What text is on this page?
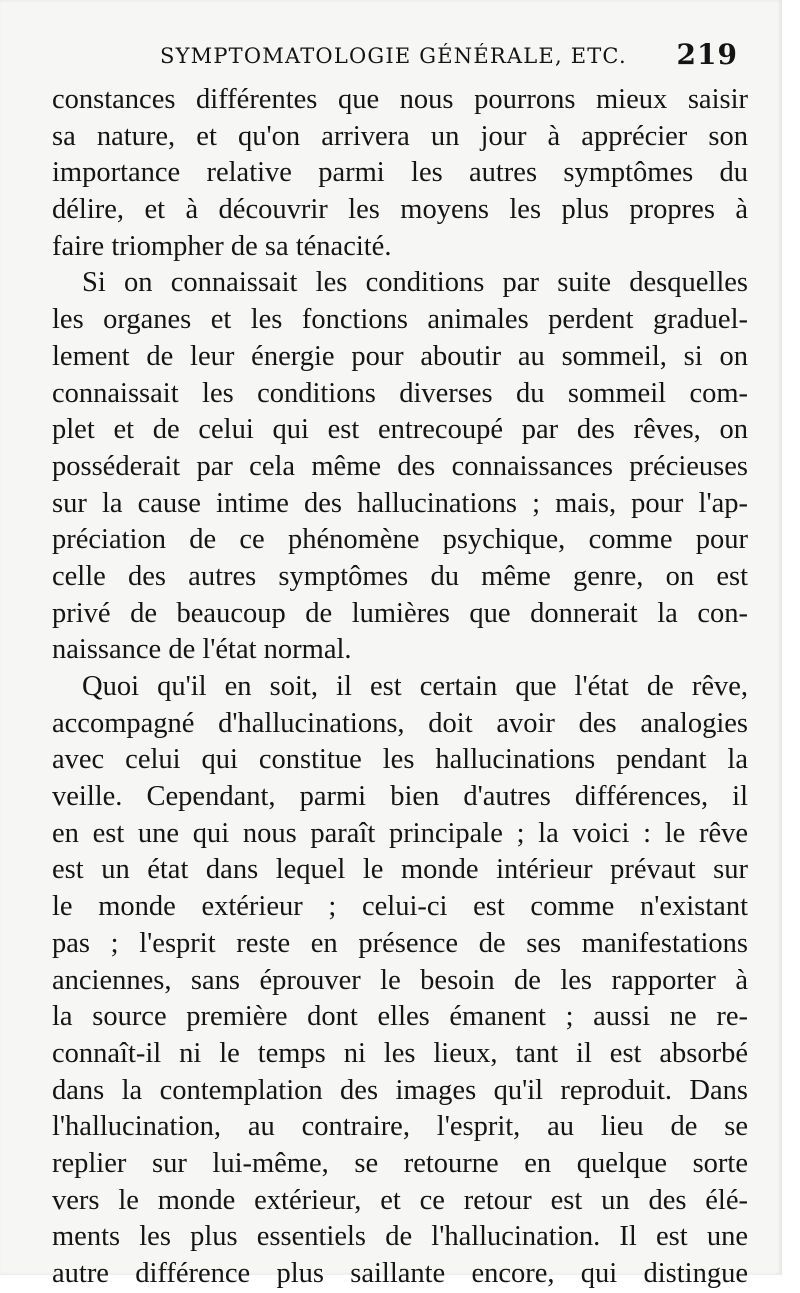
SYMPTOMATOLOGIE GÉNÉRALE, ETC. 219
constances différentes que nous pourrons mieux saisir
sa nature, et qu'on arrivera un jour à apprécier son
importance relative parmi les autres symptômes du
délire, et à découvrir les moyens les plus propres à
faire triompher de sa ténacité.
Si on connaissait les conditions par suite desquelles
les organes et les fonctions animales perdent graduel-
lement de leur énergie pour aboutir au sommeil, si on
connaissait les conditions diverses du sommeil com-
plet et de celui qui est entrecoupé par des rêves, on
posséderait par cela même des connaissances précieuses
sur la cause intime des hallucinations ; mais, pour l'ap-
préciation de ce phénomène psychique, comme pour
celle des autres symptômes du même genre, on est
privé de beaucoup de lumières que donnerait la con-
naissance de l'état normal.
Quoi qu'il en soit, il est certain que l'état de rêve,
accompagné d'hallucinations, doit avoir des analogies
avec celui qui constitue les hallucinations pendant la
veille. Cependant, parmi bien d'autres différences, il
en est une qui nous paraît principale ; la voici : le rêve
est un état dans lequel le monde intérieur prévaut sur
le monde extérieur ; celui-ci est comme n'existant
pas ; l'esprit reste en présence de ses manifestations
anciennes, sans éprouver le besoin de les rapporter à
la source première dont elles émanent ; aussi ne re-
connaît-il ni le temps ni les lieux, tant il est absorbé
dans la contemplation des images qu'il reproduit. Dans
l'hallucination, au contraire, l'esprit, au lieu de se
replier sur lui-même, se retourne en quelque sorte
vers le monde extérieur, et ce retour est un des élé-
ments les plus essentiels de l'hallucination. Il est une
autre différence plus saillante encore, qui distingue
